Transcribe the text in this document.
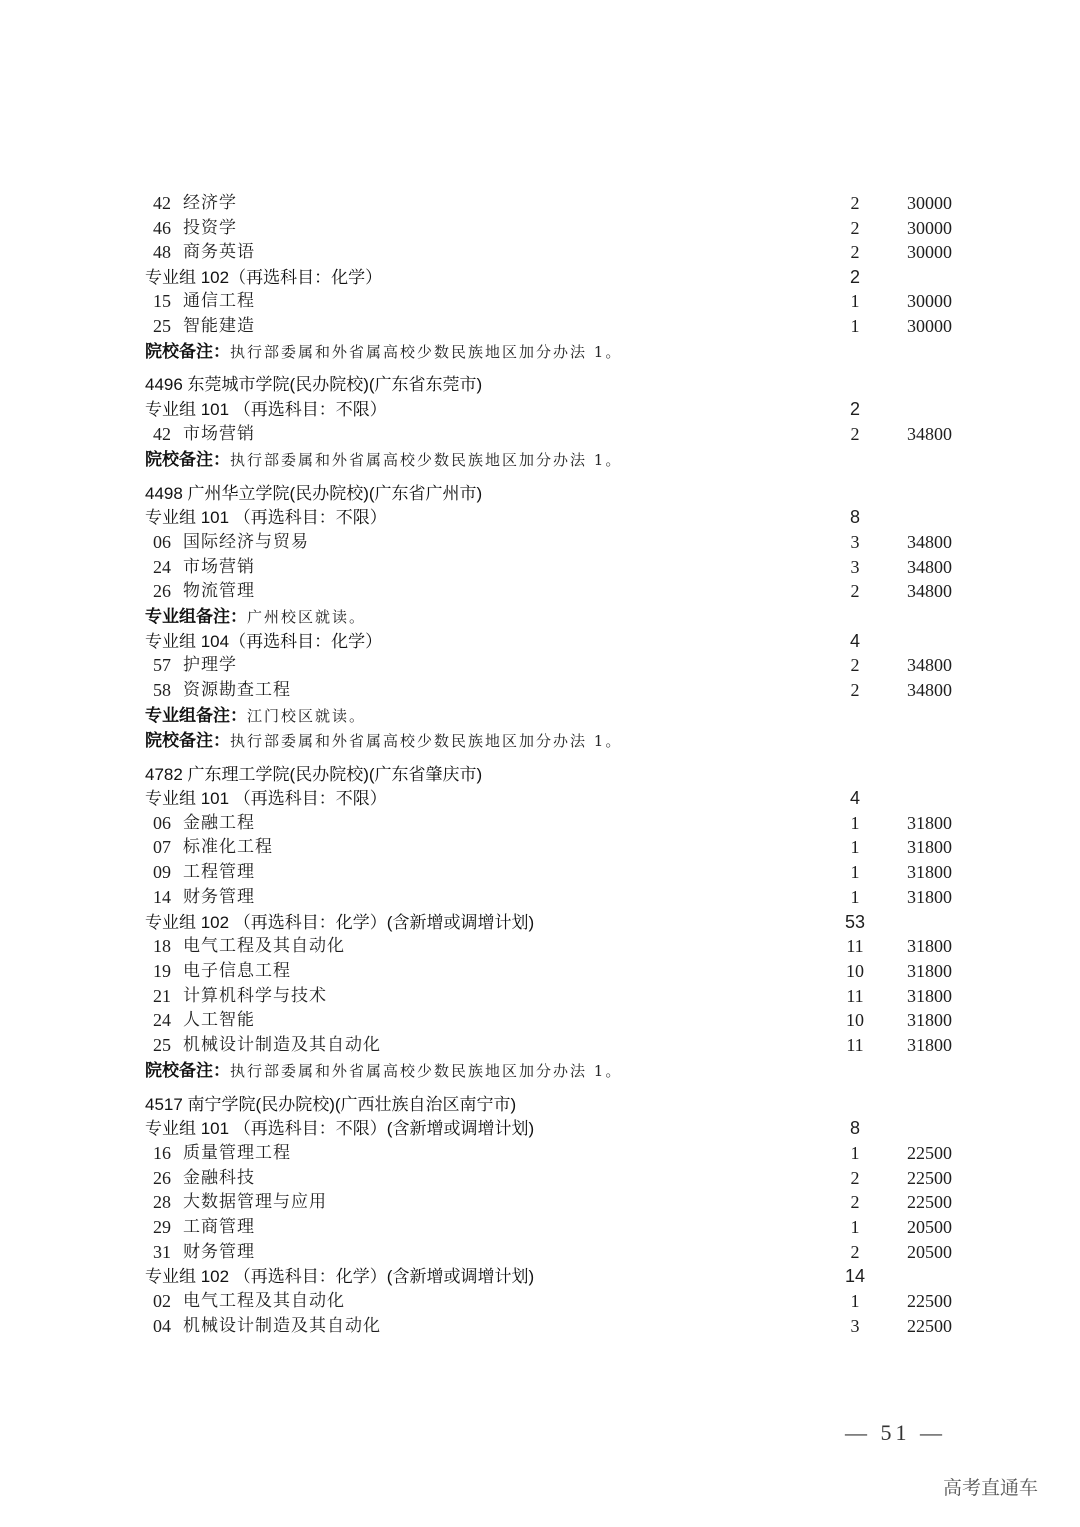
42 经济学	2	30000
46 投资学	2	30000
48 商务英语	2	30000
专业组 102（再选科目：化学）	2
15 通信工程	1	30000
25 智能建造	1	30000
院校备注：执行部委属和外省属高校少数民族地区加分办法 1。
4496 东莞城市学院(民办院校)(广东省东莞市)
专业组 101 （再选科目：不限）	2
42 市场营销	2	34800
院校备注：执行部委属和外省属高校少数民族地区加分办法 1。
4498 广州华立学院(民办院校)(广东省广州市)
专业组 101 （再选科目：不限）	8
06 国际经济与贸易	3	34800
24 市场营销	3	34800
26 物流管理	2	34800
专业组备注：广州校区就读。
专业组 104（再选科目：化学）	4
57 护理学	2	34800
58 资源勘查工程	2	34800
专业组备注：江门校区就读。
院校备注：执行部委属和外省属高校少数民族地区加分办法 1。
4782 广东理工学院(民办院校)(广东省肇庆市)
专业组 101 （再选科目：不限）	4
06 金融工程	1	31800
07 标准化工程	1	31800
09 工程管理	1	31800
14 财务管理	1	31800
专业组 102 （再选科目：化学）(含新增或调增计划)	53
18 电气工程及其自动化	11	31800
19 电子信息工程	10	31800
21 计算机科学与技术	11	31800
24 人工智能	10	31800
25 机械设计制造及其自动化	11	31800
院校备注：执行部委属和外省属高校少数民族地区加分办法 1。
4517 南宁学院(民办院校)(广西壮族自治区南宁市)
专业组 101 （再选科目：不限）(含新增或调增计划)	8
16 质量管理工程	1	22500
26 金融科技	2	22500
28 大数据管理与应用	2	22500
29 工商管理	1	20500
31 财务管理	2	20500
专业组 102 （再选科目：化学）(含新增或调增计划)	14
02 电气工程及其自动化	1	22500
04 机械设计制造及其自动化	3	22500
— 51 —
高考直通车
